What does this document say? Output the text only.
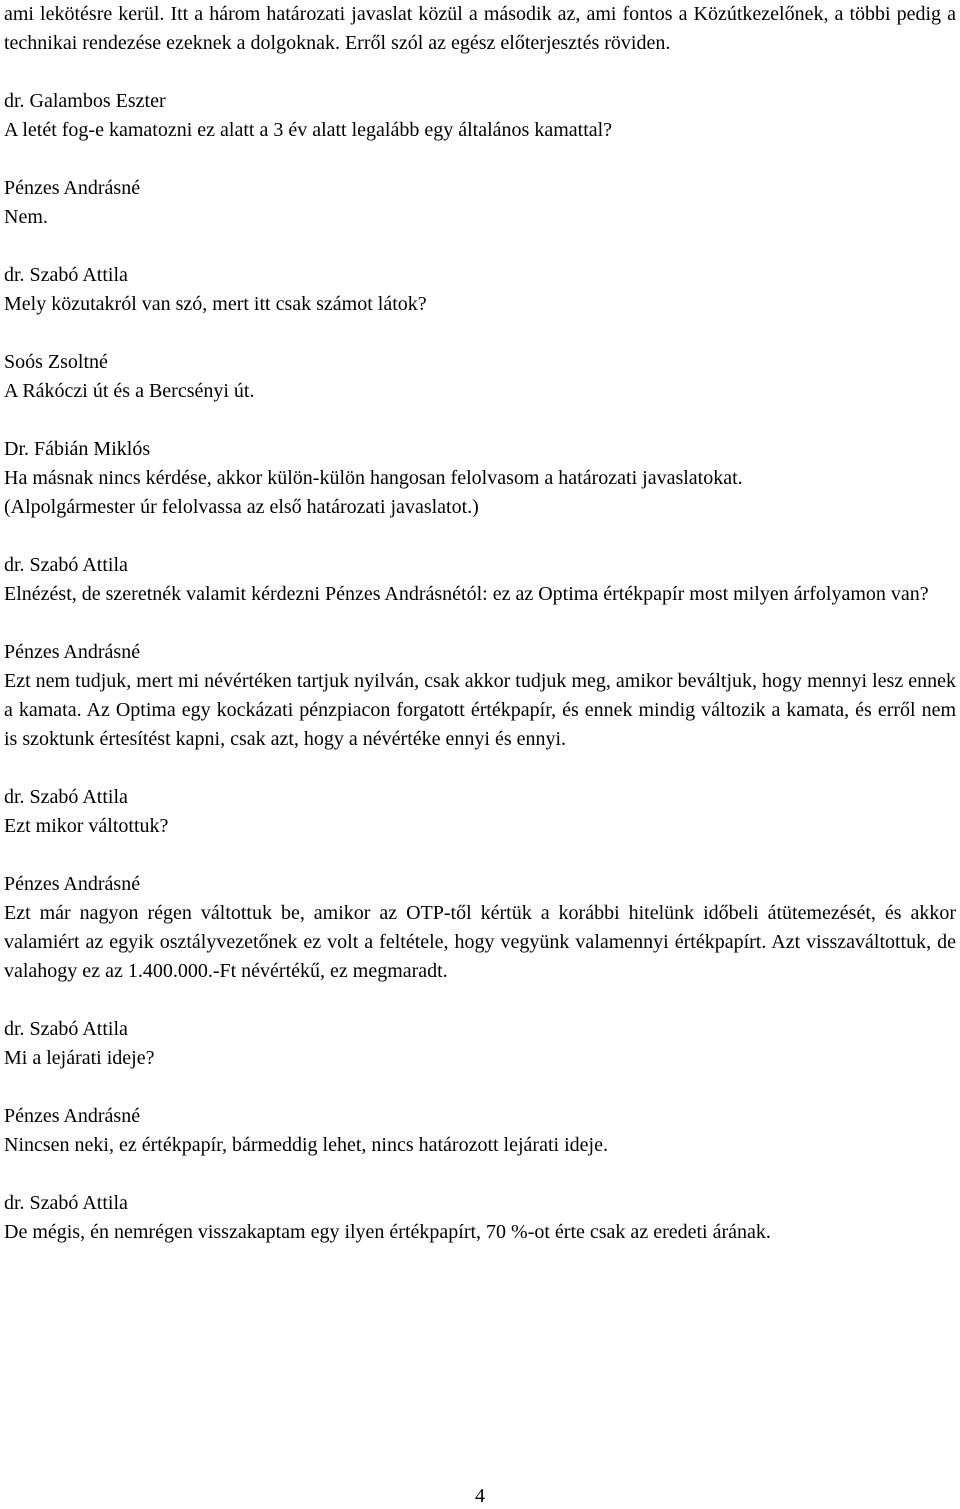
ami lekötésre kerül. Itt a három határozati javaslat közül a második az, ami fontos a Közútkezelőnek, a többi pedig a technikai rendezése ezeknek a dolgoknak. Erről szól az egész előterjesztés röviden.

dr. Galambos Eszter

A letét fog-e kamatozni ez alatt a 3 év alatt legalább egy általános kamattal?

Pénzes Andrásné

Nem.

dr. Szabó Attila

Mely közutakról van szó, mert itt csak számot látok?

Soós Zsoltné

A Rákóczi út és a Bercsényi út.

Dr. Fábián Miklós

Ha másnak nincs kérdése, akkor külön-külön hangosan felolvasom a határozati javaslatokat.

(Alpolgármester úr felolvassa az első határozati javaslatot.)

dr. Szabó Attila

Elnézést, de szeretnék valamit kérdezni Pénzes Andrásnétól: ez az Optima értékpapír most milyen árfolyamon van?

Pénzes Andrásné

Ezt nem tudjuk, mert mi névértéken tartjuk nyilván, csak akkor tudjuk meg, amikor beváltjuk, hogy mennyi lesz ennek a kamata. Az Optima egy kockázati pénzpiacon forgatott értékpapír, és ennek mindig változik a kamata, és erről nem is szoktunk értesítést kapni, csak azt, hogy a névértéke ennyi és ennyi.

dr. Szabó Attila

Ezt mikor váltottuk?

Pénzes Andrásné

Ezt már nagyon régen váltottuk be, amikor az OTP-től kértük a korábbi hitelünk időbeli átütemezését, és akkor valamiért az egyik osztályvezetőnek ez volt a feltétele, hogy vegyünk valamennyi értékpapírt. Azt visszaváltottuk, de valahogy ez az 1.400.000.-Ft névértékű, ez megmaradt.

dr. Szabó Attila

Mi a lejárati ideje?

Pénzes Andrásné

Nincsen neki, ez értékpapír, bármeddig lehet, nincs határozott lejárati ideje.

dr. Szabó Attila

De mégis, én nemrégen visszakaptam egy ilyen értékpapírt, 70 %-ot érte csak az eredeti árának.

4
